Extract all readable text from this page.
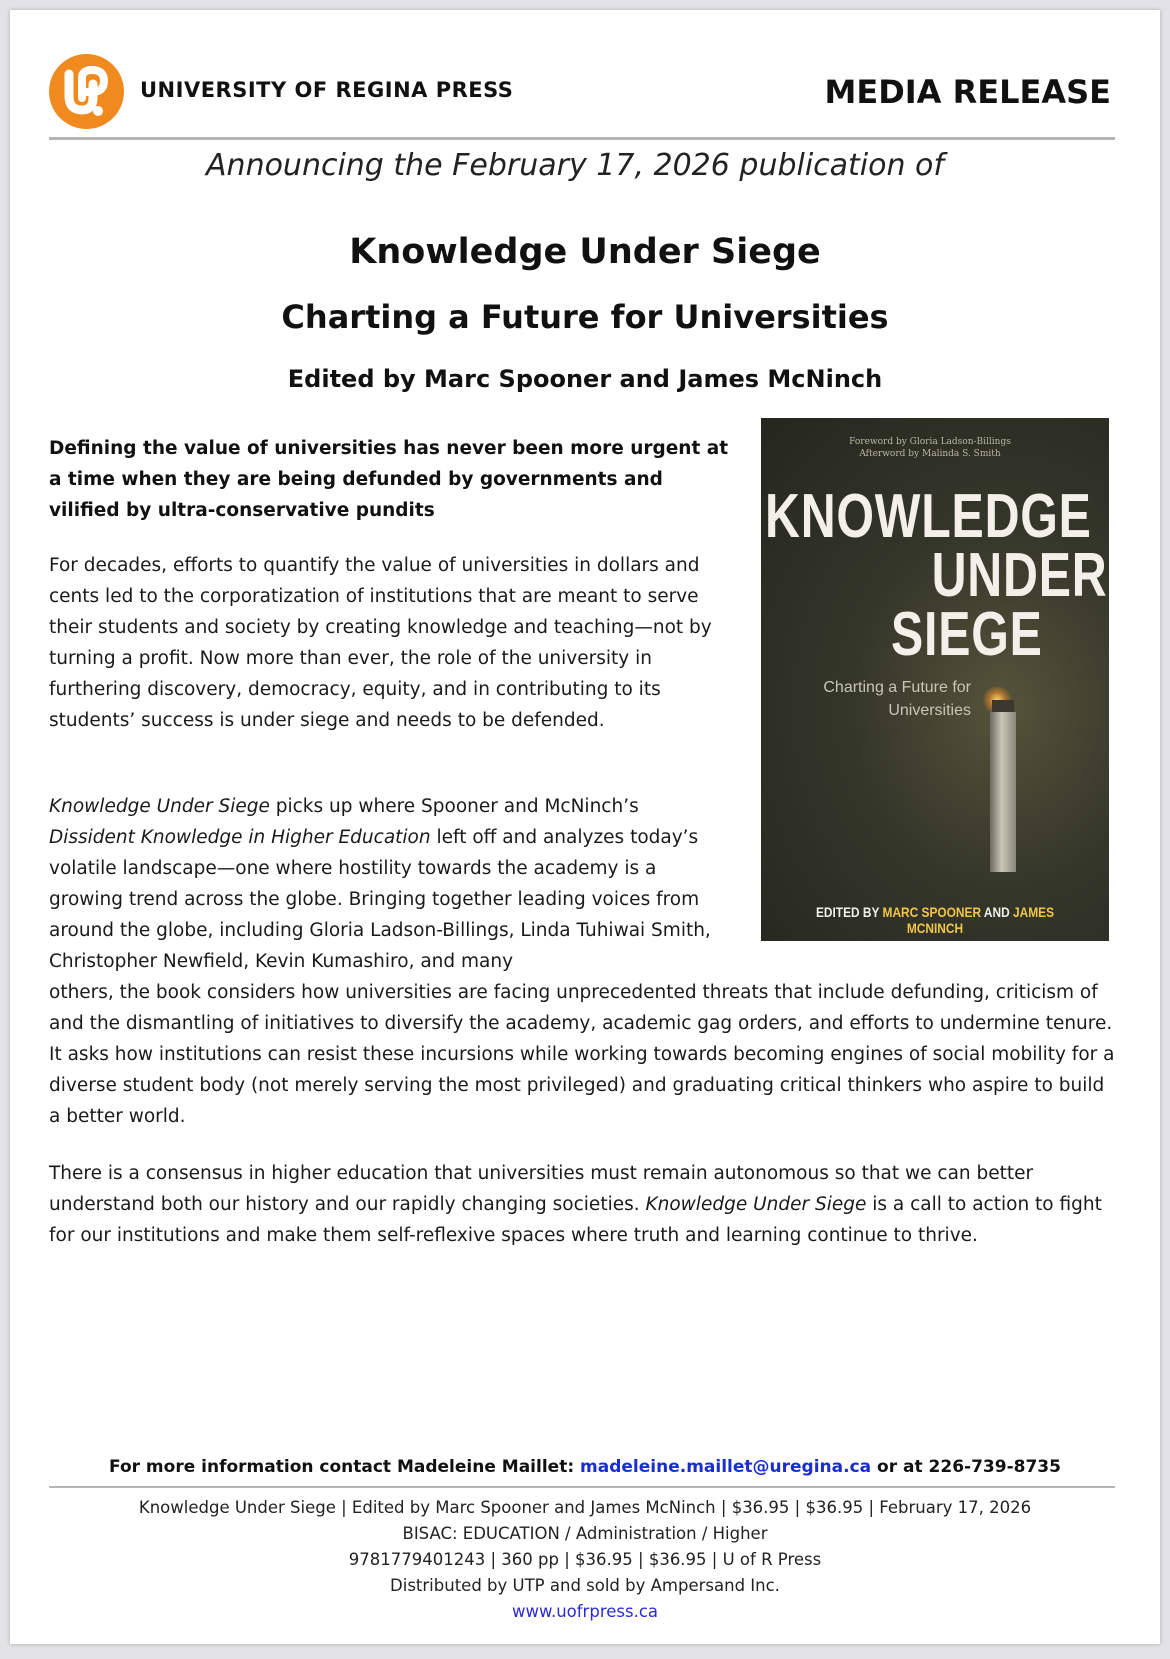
UNIVERSITY OF REGINA PRESS	MEDIA RELEASE
Announcing the February 17, 2026 publication of
Knowledge Under Siege
Charting a Future for Universities
Edited by Marc Spooner and James McNinch
Foreword by Gloria Ladson-Billings
Afterword by Malinda S. Smith
KNOWLEDGE
UNDER
SIEGE
Charting a Future for
Universities
EDITED BY MARC SPOONER AND JAMES MCNINCH
Defining the value of universities has never been more urgent at a time when they are being defunded by governments and vilified by ultra-conservative pundits
For decades, efforts to quantify the value of universities in dollars and cents led to the corporatization of institutions that are meant to serve their students and society by creating knowledge and teaching—not by turning a profit. Now more than ever, the role of the university in furthering discovery, democracy, equity, and in contributing to its students’ success is under siege and needs to be defended.
Knowledge Under Siege picks up where Spooner and McNinch’s Dissident Knowledge in Higher Education left off and analyzes today’s volatile landscape—one where hostility towards the academy is a growing trend across the globe. Bringing together leading voices from around the globe, including Gloria Ladson-Billings, Linda Tuhiwai Smith, Christopher Newfield, Kevin Kumashiro, and many
others, the book considers how universities are facing unprecedented threats that include defunding, criticism of and the dismantling of initiatives to diversify the academy, academic gag orders, and efforts to undermine tenure. It asks how institutions can resist these incursions while working towards becoming engines of social mobility for a diverse student body (not merely serving the most privileged) and graduating critical thinkers who aspire to build a better world.
There is a consensus in higher education that universities must remain autonomous so that we can better understand both our history and our rapidly changing societies. Knowledge Under Siege is a call to action to fight for our institutions and make them self-reflexive spaces where truth and learning continue to thrive.
For more information contact Madeleine Maillet: madeleine.maillet@uregina.ca or at 226-739-8735
Knowledge Under Siege | Edited by Marc Spooner and James McNinch | $36.95 | $36.95 | February 17, 2026
BISAC: EDUCATION / Administration / Higher
9781779401243 | 360 pp | $36.95 | $36.95 | U of R Press
Distributed by UTP and sold by Ampersand Inc.
www.uofrpress.ca
